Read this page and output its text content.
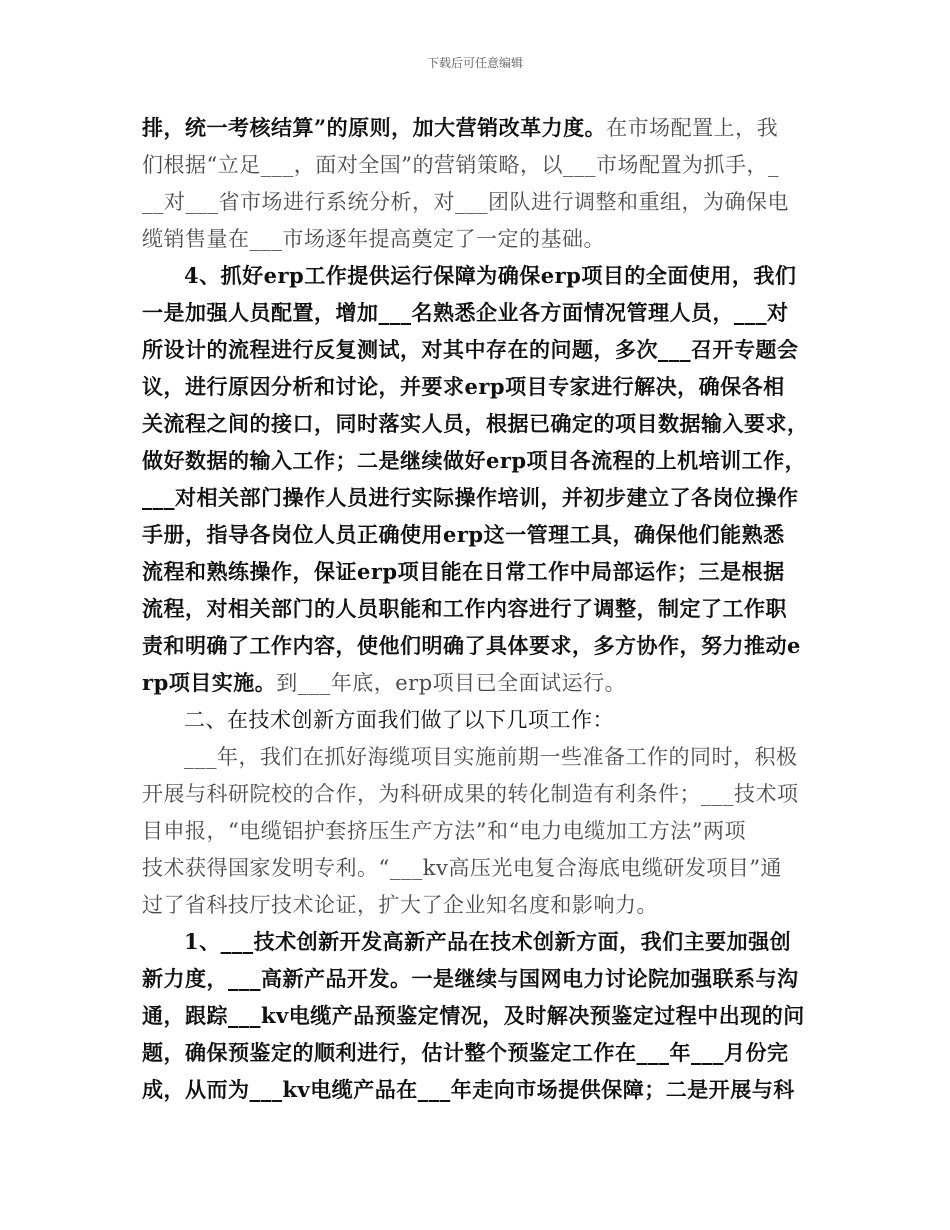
下载后可任意编辑
排，统一考核结算”的原则，加大营销改革力度。在市场配置上，我
们根据“立足___，面对全国”的营销策略，以___市场配置为抓手，_
__对___省市场进行系统分析，对___团队进行调整和重组，为确保电
缆销售量在___市场逐年提高奠定了一定的基础。
4、抓好erp工作提供运行保障为确保erp项目的全面使用，我们
一是加强人员配置，增加___名熟悉企业各方面情况管理人员，___对
所设计的流程进行反复测试，对其中存在的问题，多次___召开专题会
议，进行原因分析和讨论，并要求erp项目专家进行解决，确保各相
关流程之间的接口，同时落实人员，根据已确定的项目数据输入要求，
做好数据的输入工作；二是继续做好erp项目各流程的上机培训工作，
___对相关部门操作人员进行实际操作培训，并初步建立了各岗位操作
手册，指导各岗位人员正确使用erp这一管理工具，确保他们能熟悉
流程和熟练操作，保证erp项目能在日常工作中局部运作；三是根据
流程，对相关部门的人员职能和工作内容进行了调整，制定了工作职
责和明确了工作内容，使他们明确了具体要求，多方协作，努力推动e
rp项目实施。到___年底，erp项目已全面试运行。
二、在技术创新方面我们做了以下几项工作：
___年，我们在抓好海缆项目实施前期一些准备工作的同时，积极
开展与科研院校的合作，为科研成果的转化制造有利条件；___技术项
目申报，“电缆铝护套挤压生产方法”和“电力电缆加工方法”两项
技术获得国家发明专利。“___kv高压光电复合海底电缆研发项目”通
过了省科技厅技术论证，扩大了企业知名度和影响力。
1、___技术创新开发高新产品在技术创新方面，我们主要加强创
新力度，___高新产品开发。一是继续与国网电力讨论院加强联系与沟
通，跟踪___kv电缆产品预鉴定情况，及时解决预鉴定过程中出现的问
题，确保预鉴定的顺利进行，估计整个预鉴定工作在___年___月份完
成，从而为___kv电缆产品在___年走向市场提供保障；二是开展与科
